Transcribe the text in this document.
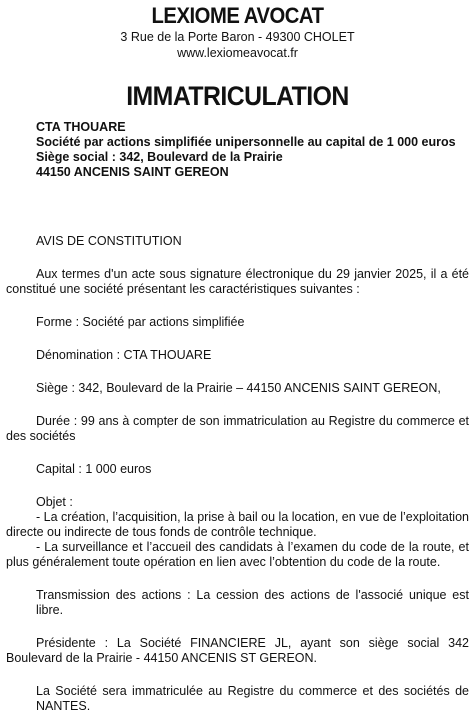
LEXIOME AVOCAT
3 Rue de la Porte Baron - 49300 CHOLET
www.lexiomeavocat.fr
IMMATRICULATION
CTA THOUARE
Société par actions simplifiée unipersonnelle au capital de 1 000 euros
Siège social : 342, Boulevard de la Prairie
44150 ANCENIS SAINT GEREON
AVIS DE CONSTITUTION
Aux termes d'un acte sous signature électronique du 29 janvier 2025, il a été constitué une société présentant les caractéristiques suivantes :
Forme : Société par actions simplifiée
Dénomination : CTA THOUARE
Siège : 342, Boulevard de la Prairie – 44150 ANCENIS SAINT GEREON,
Durée : 99 ans à compter de son immatriculation au Registre du commerce et des sociétés
Capital : 1 000 euros
Objet :
- La création, l’acquisition, la prise à bail ou la location, en vue de l’exploitation directe ou indirecte de tous fonds de contrôle technique.
- La surveillance et l’accueil des candidats à l’examen du code de la route, et plus généralement toute opération en lien avec l’obtention du code de la route.
Transmission des actions : La cession des actions de l'associé unique est libre.
Présidente : La Société FINANCIERE JL, ayant son siège social 342 Boulevard de la Prairie - 44150 ANCENIS ST GEREON.
La Société sera immatriculée au Registre du commerce et des sociétés de NANTES.
